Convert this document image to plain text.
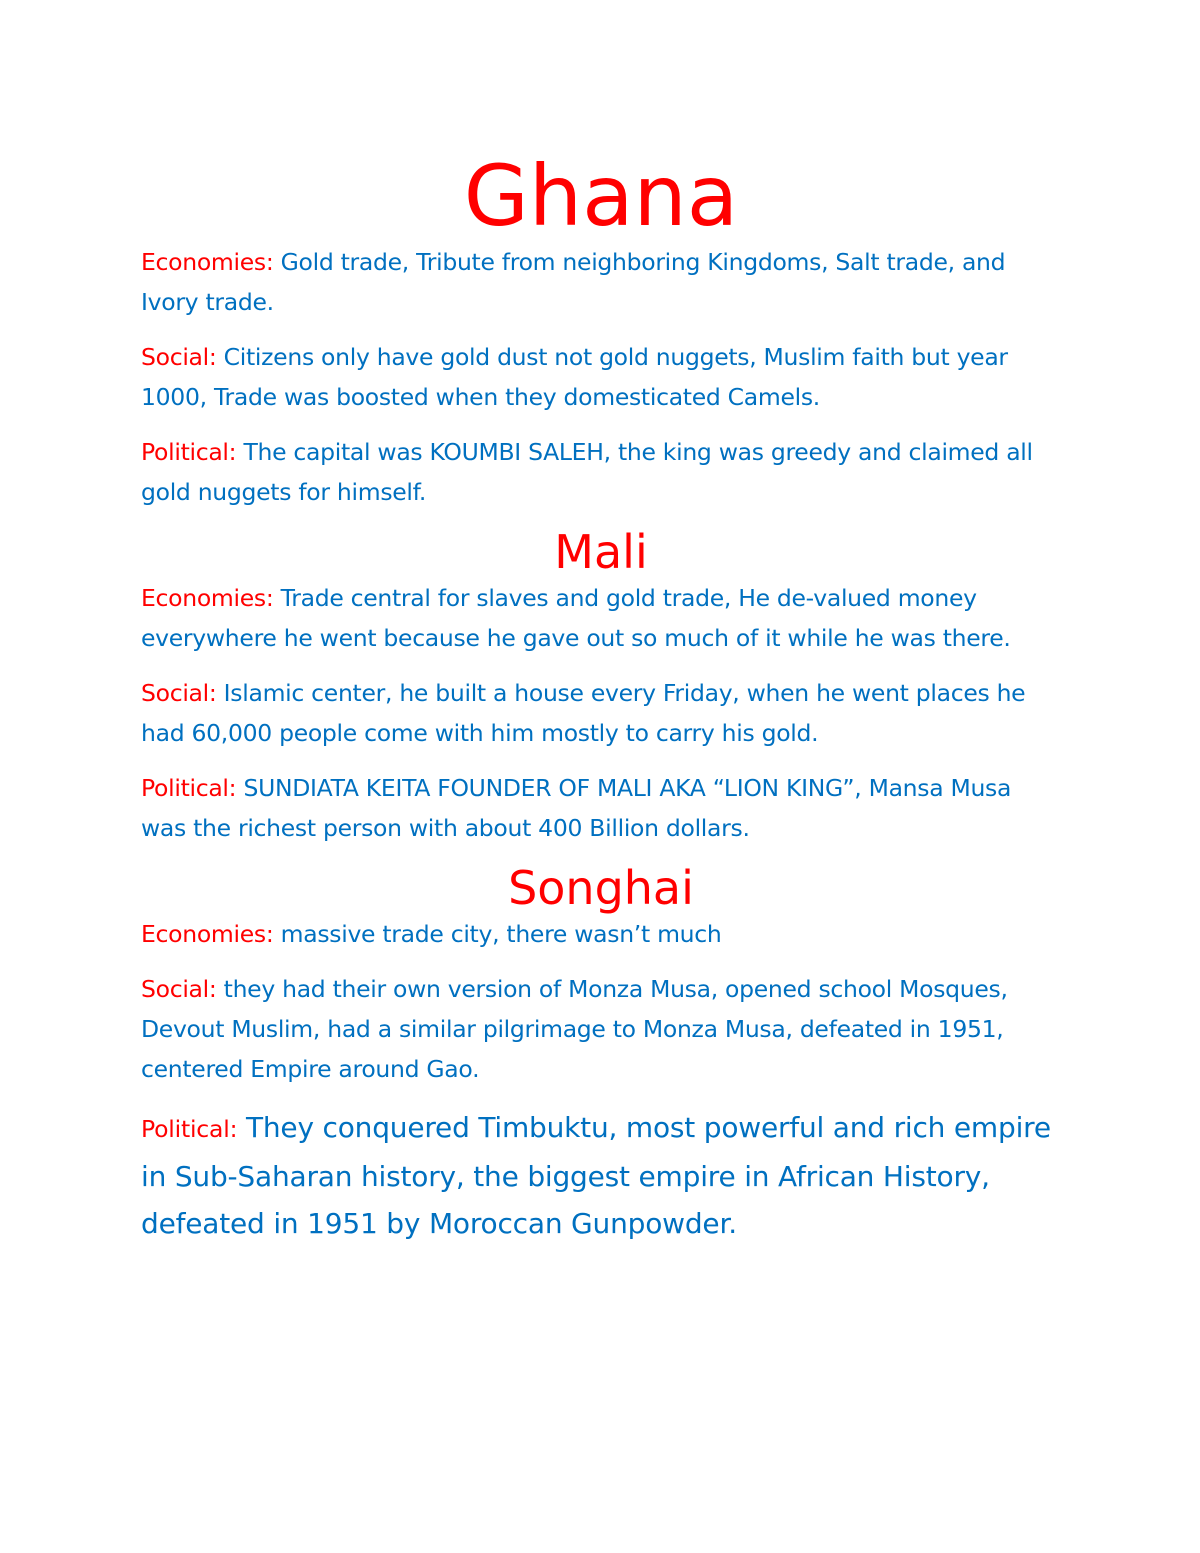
Ghana

Economies: Gold trade, Tribute from neighboring Kingdoms, Salt trade, and Ivory trade.

Social: Citizens only have gold dust not gold nuggets, Muslim faith but year 1000, Trade was boosted when they domesticated Camels.

Political: The capital was KOUMBI SALEH, the king was greedy and claimed all gold nuggets for himself.

Mali

Economies: Trade central for slaves and gold trade, He de-valued money everywhere he went because he gave out so much of it while he was there.

Social: Islamic center, he built a house every Friday, when he went places he had 60,000 people come with him mostly to carry his gold.

Political: SUNDIATA KEITA FOUNDER OF MALI AKA “LION KING”, Mansa Musa was the richest person with about 400 Billion dollars.

Songhai

Economies: massive trade city, there wasn’t much

Social: they had their own version of Monza Musa, opened school Mosques, Devout Muslim, had a similar pilgrimage to Monza Musa, defeated in 1951, centered Empire around Gao.

Political: They conquered Timbuktu, most powerful and rich empire in Sub-Saharan history, the biggest empire in African History, defeated in 1951 by Moroccan Gunpowder.
